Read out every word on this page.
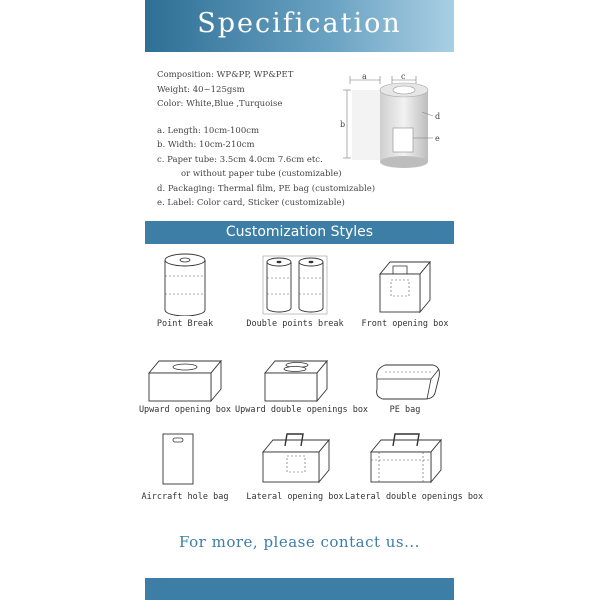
Specification
Composition: WP&PP, WP&PET
Weight: 40~125gsm
Color: White,Blue ,Turquoise
a. Length: 10cm-100cm
b. Width: 10cm-210cm
c. Paper tube: 3.5cm 4.0cm 7.6cm etc.
or without paper tube (customizable)
d. Packaging: Thermal film, PE bag (customizable)
e. Label: Color card, Sticker (customizable)
a	c
b
d
e
Customization Styles
Point Break	Double points break	Front opening box
Upward opening box Upward double openings box	PE bag
Aircraft hole bag	Lateral opening box Lateral double openings box
For more, please contact us...
